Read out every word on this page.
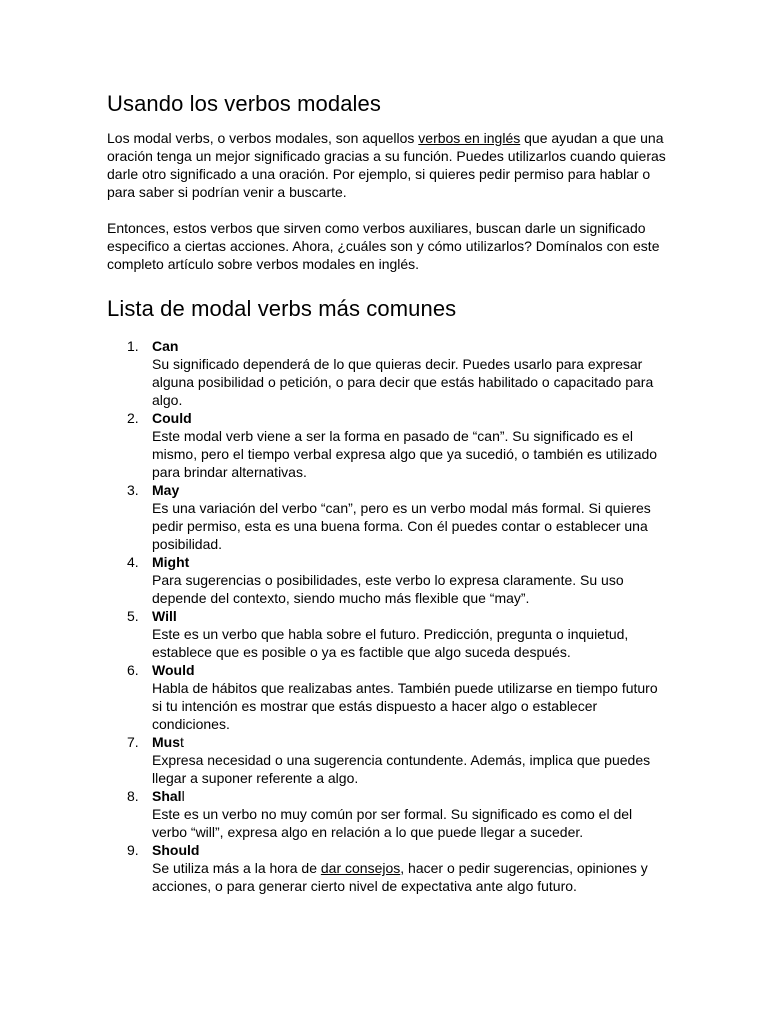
Usando los verbos modales

Los modal verbs, o verbos modales, son aquellos verbos en inglés que ayudan a que una oración tenga un mejor significado gracias a su función. Puedes utilizarlos cuando quieras darle otro significado a una oración. Por ejemplo, si quieres pedir permiso para hablar o para saber si podrían venir a buscarte.

Entonces, estos verbos que sirven como verbos auxiliares, buscan darle un significado especifico a ciertas acciones. Ahora, ¿cuáles son y cómo utilizarlos? Domínalos con este completo artículo sobre verbos modales en inglés.

Lista de modal verbs más comunes
1. Can
Su significado dependerá de lo que quieras decir. Puedes usarlo para expresar alguna posibilidad o petición, o para decir que estás habilitado o capacitado para algo.
2. Could
Este modal verb viene a ser la forma en pasado de “can”. Su significado es el mismo, pero el tiempo verbal expresa algo que ya sucedió, o también es utilizado para brindar alternativas.
3. May
Es una variación del verbo “can”, pero es un verbo modal más formal. Si quieres pedir permiso, esta es una buena forma. Con él puedes contar o establecer una posibilidad.
4. Might
Para sugerencias o posibilidades, este verbo lo expresa claramente. Su uso depende del contexto, siendo mucho más flexible que “may”.
5. Will
Este es un verbo que habla sobre el futuro. Predicción, pregunta o inquietud, establece que es posible o ya es factible que algo suceda después.
6. Would
Habla de hábitos que realizabas antes. También puede utilizarse en tiempo futuro si tu intención es mostrar que estás dispuesto a hacer algo o establecer condiciones.
7. Must
Expresa necesidad o una sugerencia contundente. Además, implica que puedes llegar a suponer referente a algo.
8. Shall
Este es un verbo no muy común por ser formal. Su significado es como el del verbo “will”, expresa algo en relación a lo que puede llegar a suceder.
9. Should
Se utiliza más a la hora de dar consejos, hacer o pedir sugerencias, opiniones y acciones, o para generar cierto nivel de expectativa ante algo futuro.
